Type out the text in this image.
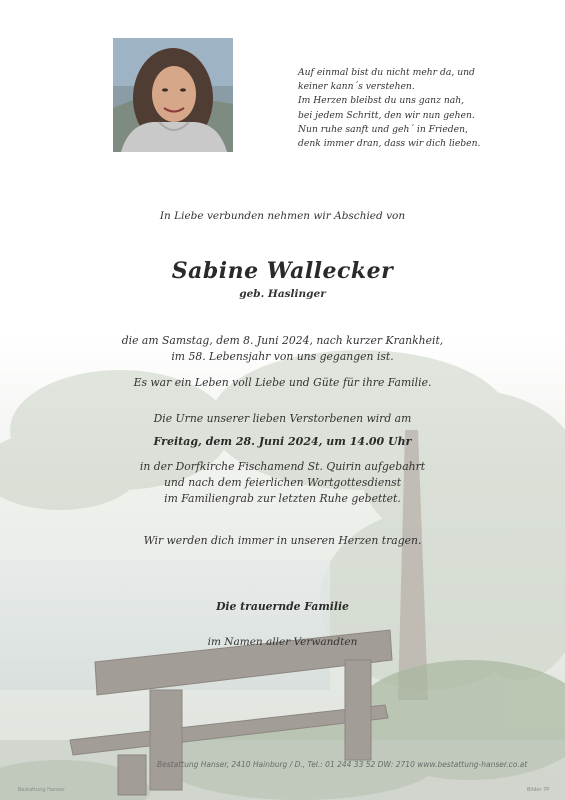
Auf einmal bist du nicht mehr da, und
keiner kann´s verstehen.
Im Herzen bleibst du uns ganz nah,
bei jedem Schritt, den wir nun gehen.
Nun ruhe sanft und geh´ in Frieden,
denk immer dran, dass wir dich lieben.
In Liebe verbunden nehmen wir Abschied von
Sabine Wallecker
geb. Haslinger
die am Samstag, dem 8. Juni 2024, nach kurzer Krankheit,
im 58. Lebensjahr von uns gegangen ist.
Es war ein Leben voll Liebe und Güte für ihre Familie.
Die Urne unserer lieben Verstorbenen wird am
Freitag, dem 28. Juni 2024, um 14.00 Uhr
in der Dorfkirche Fischamend St. Quirin aufgebahrt
und nach dem feierlichen Wortgottesdienst
im Familiengrab zur letzten Ruhe gebettet.
Wir werden dich immer in unseren Herzen tragen.
Die trauernde Familie
im Namen aller Verwandten
Bestattung Hanser, 2410 Hainburg / D., Tel.: 01 244 33 52 DW: 2710 www.bestattung-hanser.co.at
Bestattung Hanser	Bilder 7P
